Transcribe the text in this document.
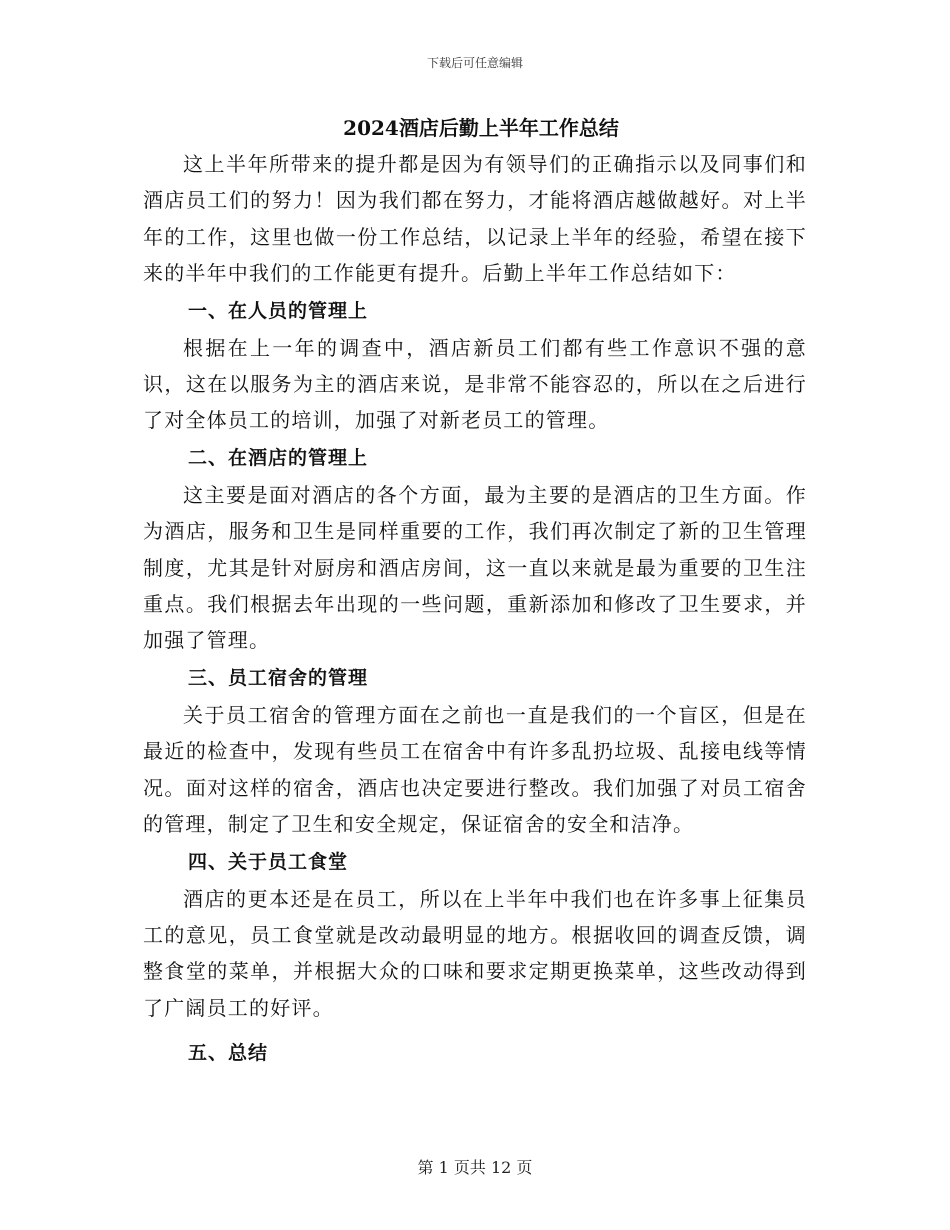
下载后可任意编辑
2024酒店后勤上半年工作总结

这上半年所带来的提升都是因为有领导们的正确指示以及同事们和酒店员工们的努力！因为我们都在努力，才能将酒店越做越好。对上半年的工作，这里也做一份工作总结，以记录上半年的经验，希望在接下来的半年中我们的工作能更有提升。后勤上半年工作总结如下：

一、在人员的管理上

根据在上一年的调查中，酒店新员工们都有些工作意识不强的意识，这在以服务为主的酒店来说，是非常不能容忍的，所以在之后进行了对全体员工的培训，加强了对新老员工的管理。

二、在酒店的管理上

这主要是面对酒店的各个方面，最为主要的是酒店的卫生方面。作为酒店，服务和卫生是同样重要的工作，我们再次制定了新的卫生管理制度，尤其是针对厨房和酒店房间，这一直以来就是最为重要的卫生注重点。我们根据去年出现的一些问题，重新添加和修改了卫生要求，并加强了管理。

三、员工宿舍的管理

关于员工宿舍的管理方面在之前也一直是我们的一个盲区，但是在最近的检查中，发现有些员工在宿舍中有许多乱扔垃圾、乱接电线等情况。面对这样的宿舍，酒店也决定要进行整改。我们加强了对员工宿舍的管理，制定了卫生和安全规定，保证宿舍的安全和洁净。

四、关于员工食堂

酒店的更本还是在员工，所以在上半年中我们也在许多事上征集员工的意见，员工食堂就是改动最明显的地方。根据收回的调查反馈，调整食堂的菜单，并根据大众的口味和要求定期更换菜单，这些改动得到了广阔员工的好评。

五、总结
第 1 页共 12 页
